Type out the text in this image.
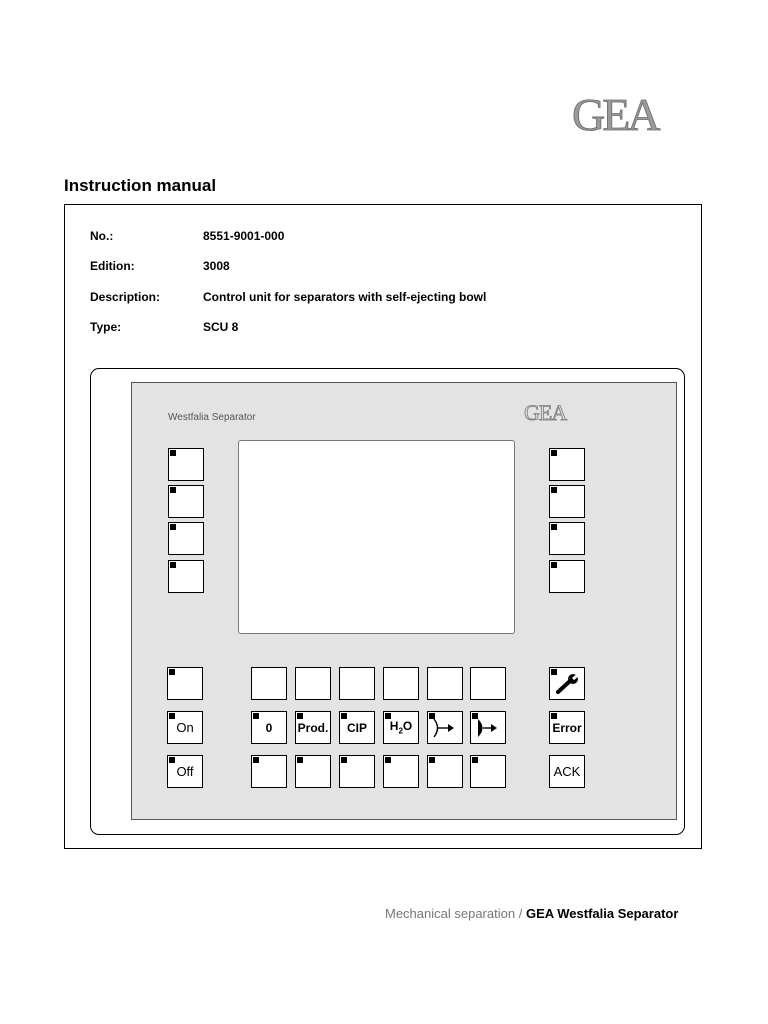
GEA
Instruction manual
No.:	8551-9001-000
Edition:	3008
Description:	Control unit for separators with self-ejecting bowl
Type:	SCU 8
Westfalia Separator	GEA
On
Off
0 Prod. CIP $H_2O$	Error
ACK
Mechanical separation / GEA Westfalia Separator
